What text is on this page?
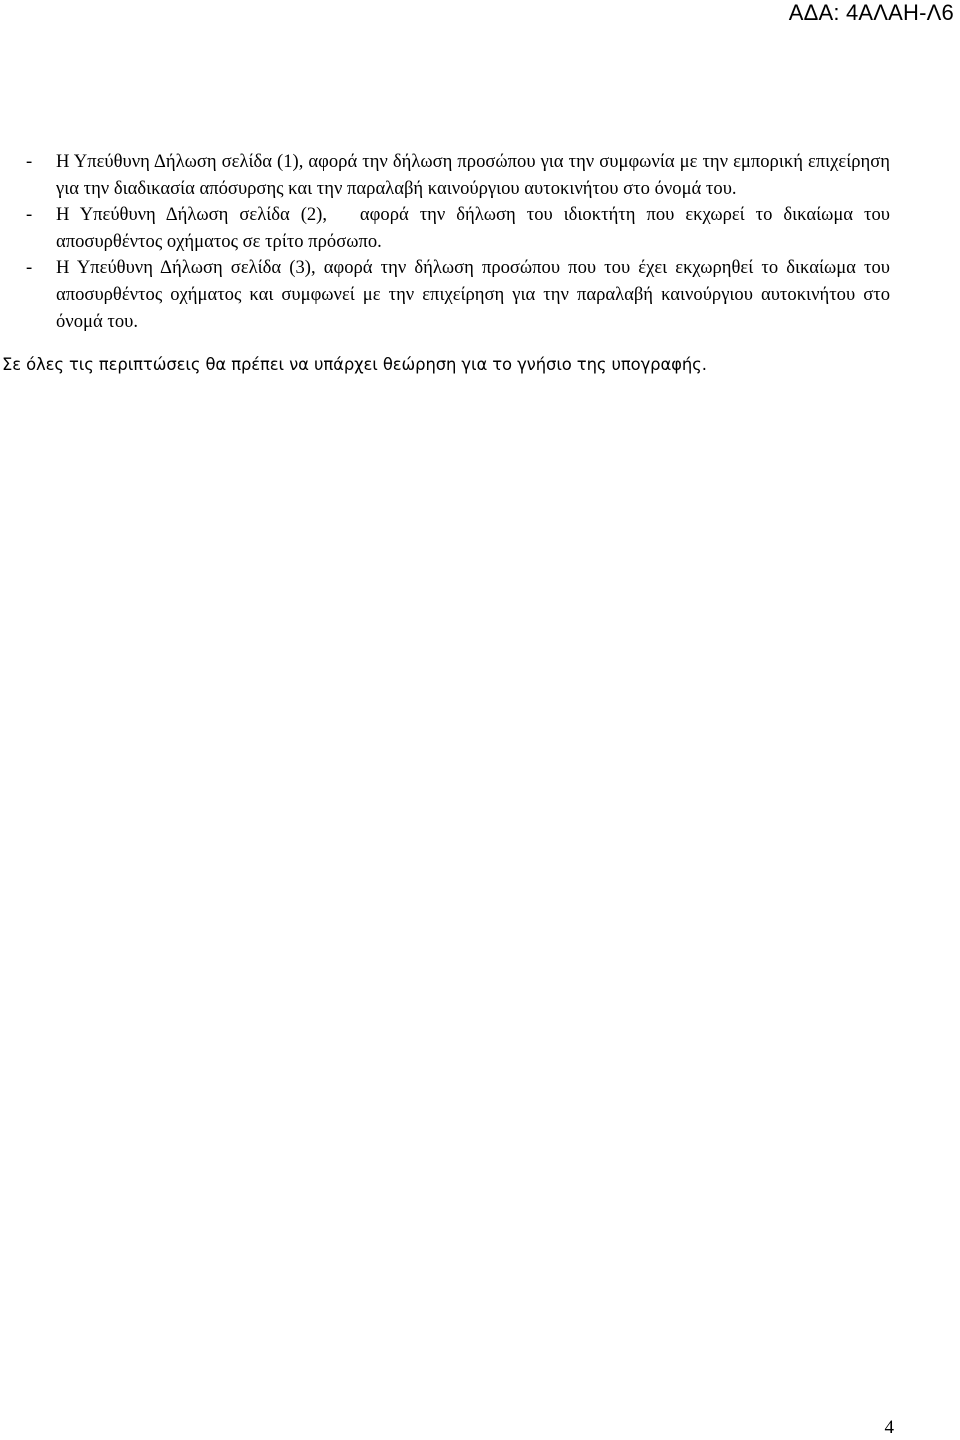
ΑΔΑ: 4ΑΛΑΗ-Λ6
- Η Υπεύθυνη Δήλωση σελίδα (1), αφορά την δήλωση προσώπου για την συμφωνία με την εμπορική επιχείρηση για την διαδικασία απόσυρσης και την παραλαβή καινούργιου αυτοκινήτου στο όνομά του.
- Η Υπεύθυνη Δήλωση σελίδα (2),   αφορά την δήλωση του ιδιοκτήτη που εκχωρεί το δικαίωμα του αποσυρθέντος οχήματος σε τρίτο πρόσωπο.
- Η Υπεύθυνη Δήλωση σελίδα (3), αφορά την δήλωση προσώπου που του έχει εκχωρηθεί το δικαίωμα του αποσυρθέντος οχήματος και συμφωνεί με την επιχείρηση για την παραλαβή καινούργιου αυτοκινήτου στο όνομά του.

Σε όλες τις περιπτώσεις θα πρέπει να υπάρχει θεώρηση για το γνήσιο της υπογραφής.

4
